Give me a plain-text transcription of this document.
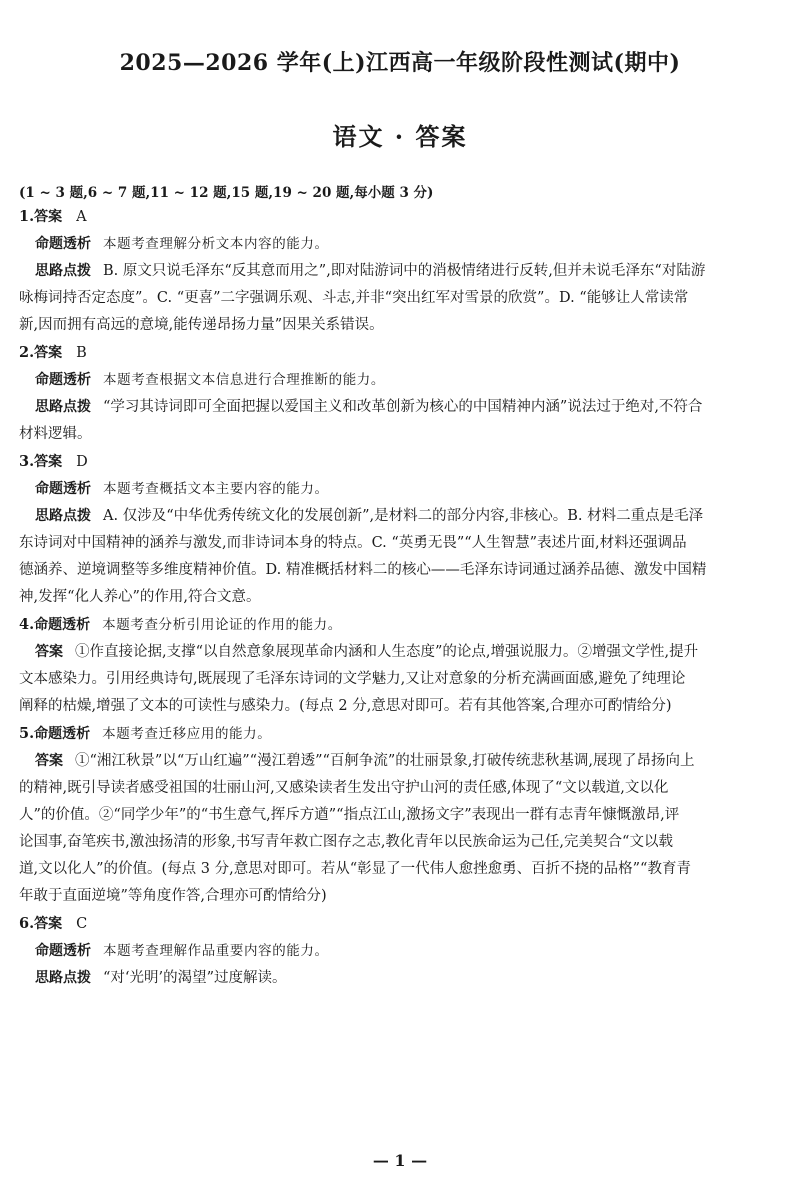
2025—2026 学年(上)江西高一年级阶段性测试(期中)
语文 · 答案
(1 ~ 3 题,6 ~ 7 题,11 ~ 12 题,15 题,19 ~ 20 题,每小题 3 分)

1.答案 A

命题透析 本题考查理解分析文本内容的能力。

思路点拨 B. 原文只说毛泽东“反其意而用之”,即对陆游词中的消极情绪进行反转,但并未说毛泽东“对陆游

咏梅词持否定态度”。C. “更喜”二字强调乐观、斗志,并非“突出红军对雪景的欣赏”。D. “能够让人常读常

新,因而拥有高远的意境,能传递昂扬力量”因果关系错误。

2.答案 B

命题透析 本题考查根据文本信息进行合理推断的能力。

思路点拨 “学习其诗词即可全面把握以爱国主义和改革创新为核心的中国精神内涵”说法过于绝对,不符合

材料逻辑。

3.答案 D

命题透析 本题考查概括文本主要内容的能力。

思路点拨 A. 仅涉及“中华优秀传统文化的发展创新”,是材料二的部分内容,非核心。B. 材料二重点是毛泽

东诗词对中国精神的涵养与激发,而非诗词本身的特点。C. “英勇无畏”“人生智慧”表述片面,材料还强调品

德涵养、逆境调整等多维度精神价值。D. 精准概括材料二的核心——毛泽东诗词通过涵养品德、激发中国精

神,发挥“化人养心”的作用,符合文意。

4.命题透析 本题考查分析引用论证的作用的能力。

答案 ①作直接论据,支撑“以自然意象展现革命内涵和人生态度”的论点,增强说服力。②增强文学性,提升

文本感染力。引用经典诗句,既展现了毛泽东诗词的文学魅力,又让对意象的分析充满画面感,避免了纯理论

阐释的枯燥,增强了文本的可读性与感染力。(每点 2 分,意思对即可。若有其他答案,合理亦可酌情给分)

5.命题透析 本题考查迁移应用的能力。

答案 ①“湘江秋景”以“万山红遍”“漫江碧透”“百舸争流”的壮丽景象,打破传统悲秋基调,展现了昂扬向上

的精神,既引导读者感受祖国的壮丽山河,又感染读者生发出守护山河的责任感,体现了“文以载道,文以化

人”的价值。②“同学少年”的“书生意气,挥斥方遒”“指点江山,激扬文字”表现出一群有志青年慷慨激昂,评

论国事,奋笔疾书,激浊扬清的形象,书写青年救亡图存之志,教化青年以民族命运为己任,完美契合“文以载

道,文以化人”的价值。(每点 3 分,意思对即可。若从“彰显了一代伟人愈挫愈勇、百折不挠的品格”“教育青

年敢于直面逆境”等角度作答,合理亦可酌情给分)

6.答案 C

命题透析 本题考查理解作品重要内容的能力。

思路点拨 “对‘光明’的渴望”过度解读。

— 1 —
